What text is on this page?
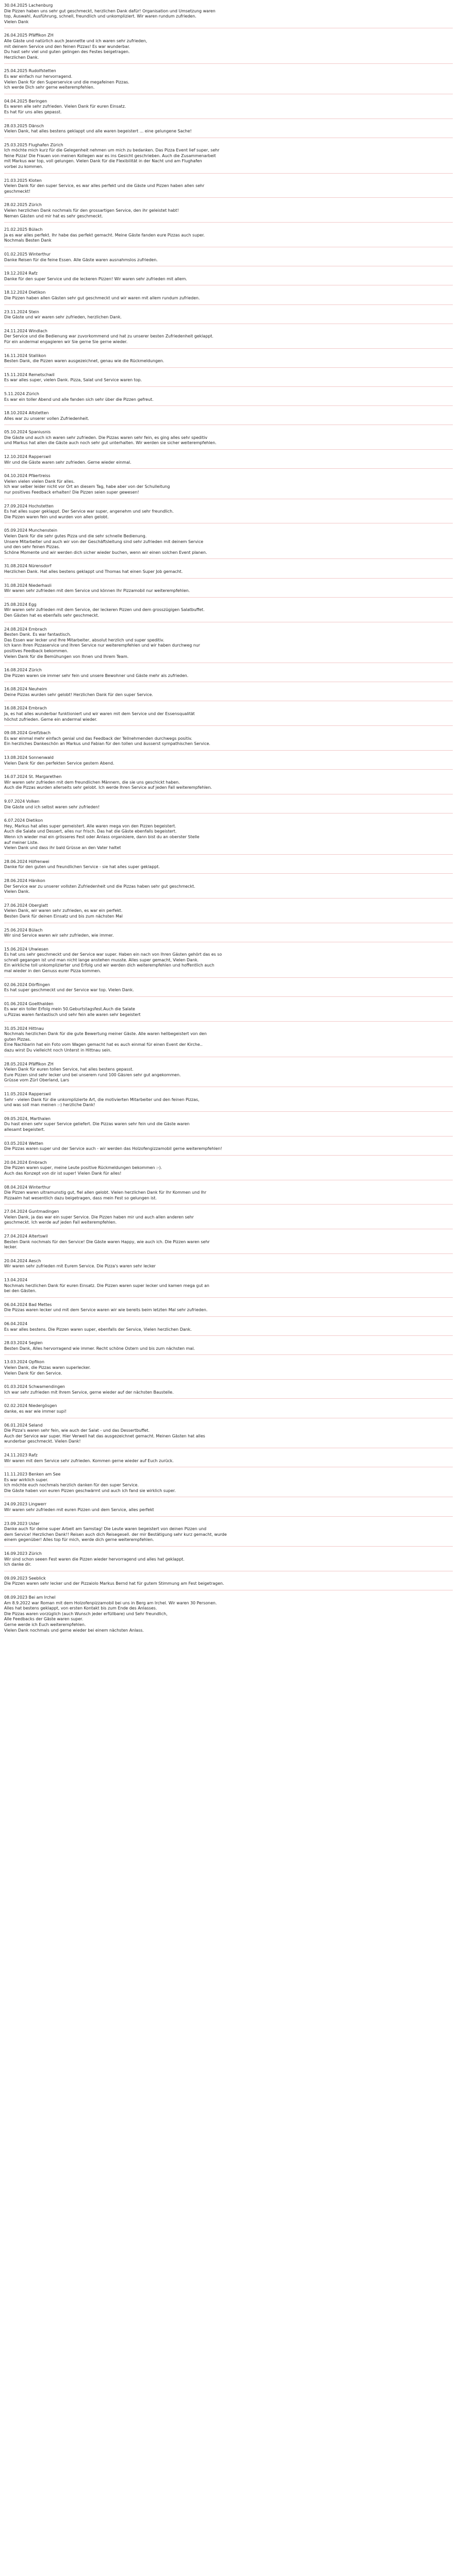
30.04.2025 Lachenburg
Die Pizzen haben uns sehr gut geschmeckt, herzlichen Dank dafür! Organisation und Umsetzung waren
top, Auswahl, Ausführung, schnell, freundlich und unkompliziert. Wir waren rundum zufrieden.
Vielen Dank
26.04.2025 Pfäffikon ZH
Alle Gäste und natürlich auch Jeannette und ich waren sehr zufrieden,
mit deinem Service und den feinen Pizzas! Es war wunderbar.
Du hast sehr viel und guten gelingen des Festes beigetragen.
Herzlichen Dank.
25.04.2025 Rudolfstetten
Es war einfach nur hervorragend.
Vielen Dank für den Superservice und die megafeinen Pizzas.
Ich werde Dich sehr gerne weiterempfehlen.
04.04.2025 Beringen
Es waren alle sehr zufrieden. Vielen Dank für euren Einsatz.
Es hat für uns alles gepasst.
28.03.2025 Dänsch
Vielen Dank, hat alles bestens geklappt und alle waren begeistert ... eine gelungene Sache!
25.03.2025 Flughafen Zürich
Ich möchte mich kurz für die Gelegenheit nehmen um mich zu bedanken. Das Pizza Event lief super, sehr
feine Pizza! Die Frauen von meinen Kollegen war es ins Gesicht geschrieben. Auch die Zusammenarbeit
mit Markus war top, voll gelungen. Vielen Dank für die Flexibilität in der Nacht und am Flughafen
vorbei zu kommen.
21.03.2025 Kloten
Vielen Dank für den super Service, es war alles perfekt und die Gäste und Pizzen haben allen sehr
geschmeckt!
28.02.2025 Zürich
Vielen herzlichen Dank nochmals für den grossartigen Service, den ihr geleistet habt!
Nemen Gästen und mir hat es sehr geschmeckt.
21.02.2025 Bülach
Ja es war alles perfekt. Ihr habe das perfekt gemacht. Meine Gäste fanden eure Pizzas auch super.
Nochmals Besten Dank
01.02.2025 Winterthur
Danke Reisen für die feine Essen. Alle Gäste waren ausnahmslos zufrieden.
19.12.2024 Rafz
Danke für den super Service und die leckeren Pizzen! Wir waren sehr zufrieden mit allem.
18.12.2024 Dietikon
Die Pizzen haben allen Gästen sehr gut geschmeckt und wir waren mit allem rundum zufrieden.
23.11.2024 Stein
Die Gäste und wir waren sehr zufrieden, herzlichen Dank.
24.11.2024 Windlach
Der Service und die Bedienung war zuvorkommend und hat zu unserer besten Zufriedenheit geklappt.
Für ein andermal engagieren wir Sie gerne Sie gerne wieder.
16.11.2024 Stallikon
Besten Dank, die Pizzen waren ausgezeichnet, genau wie die Rückmeldungen.
15.11.2024 Remetschwil
Es war alles super, vielen Dank. Pizza, Salat und Service waren top.
5.11.2024 Zürich
Es war ein toller Abend und alle fanden sich sehr über die Pizzen gefreut.
18.10.2024 Altstetten
Alles war zu unserer vollen Zufriedenheit.
05.10.2024 Spaniusnis
Die Gäste und auch ich waren sehr zufrieden. Die Pizzas waren sehr fein, es ging alles sehr speditiv
und Markus hat allen die Gäste auch noch sehr gut unterhalten. Wir werden sie sicher weiterempfehlen.
12.10.2024 Rapperswil
Wir und die Gäste waren sehr zufrieden. Gerne wieder einmal.
04.10.2024 Pfäertreiss
Vielen vielen vielen Dank für alles.
Ich war selber leider nicht vor Ort an diesem Tag, habe aber von der Schulleitung
nur positives Feedback erhalten! Die Pizzen seien super gewesen!
27.09.2024 Hochstetten
Es hat alles super geklappt. Der Service war super, angenehm und sehr freundlich.
Die Pizzen waren fein und wurden von allen gelobt.
05.09.2024 Munchenstein
Vielen Dank für die sehr gutes Pizza und die sehr schnelle Bedienung.
Unsere Mitarbeiter und auch wir von der Geschäftsleitung sind sehr zufrieden mit deinem Service
und den sehr feinen Pizzas.
Schöne Momente und wir werden dich sicher wieder buchen, wenn wir einen solchen Event planen.
31.08.2024 Nürensdorf
Herzlichen Dank. Hat alles bestens geklappt und Thomas hat einen Super Job gemacht.
31.08.2024 Niederhasli
Wir waren sehr zufrieden mit dem Service und können Ihr Pizzamobil nur weiterempfehlen.
25.08.2024 Egg
Wir waren sehr zufrieden mit dem Service, der leckeren Pizzen und dem grosszügigen Salatbuffet.
Den Gästen hat es ebenfalls sehr geschmeckt.
24.08.2024 Embrach
Besten Dank. Es war fantastisch.
Das Essen war lecker und Ihre Mitarbeiter, absolut herzlich und super speditiv.
Ich kann Ihren Pizzaservice und Ihren Service nur weiterempfehlen und wir haben durchweg nur
positives Feedback bekommen.
Vielen Dank für die Bemühungen von Ihnen und Ihrem Team.
16.08.2024 Zürich
Die Pizzen waren sie immer sehr fein und unsere Bewohner und Gäste mehr als zufrieden.
16.08.2024 Neuheim
Deine Pizzas wurden sehr gelobt! Herzlichen Dank für den super Service.
16.08.2024 Embrach
Ja, es hat alles wunderbar funktioniert und wir waren mit dem Service und der Essensqualität
höchst zufrieden. Gerne ein andermal wieder.
09.08.2024 Greifzbach
Es war einmal mehr einfach genial und das Feedback der Teilnehmenden durchwegs positiv.
Ein herzliches Dankeschön an Markus und Fabian für den tollen und äusserst sympathischen Service.
13.08.2024 Sonnenwald
Vielen Dank für den perfekten Service gestern Abend.
16.07.2024 St. Margarethen
Wir waren sehr zufrieden mit dem freundlichen Männern, die sie uns geschickt haben.
Auch die Pizzas wurden allerseits sehr gelobt. Ich werde Ihren Service auf jeden Fall weiterempfehlen.
9.07.2024 Volken
Die Gäste und ich selbst waren sehr zufrieden!
6.07.2024 Dietikon
Hey, Markus hat alles super gemeistert. Alle waren mega von den Pizzen begeistert.
Auch die Salate und Dessert, alles nur frisch. Das hat die Gäste ebenfalls begeistert.
Wenn ich wieder mal ein grösseres Fest oder Anlass organisiere, dann bist du an oberster Stelle
auf meiner Liste.
Vielen Dank und dass ihr bald Grüsse an den Vater haltet
28.06.2024 Höfrenwei
Danke für den guten und freundlichen Service - sie hat alles super geklappt.
28.06.2024 Hänikon
Der Service war zu unserer vollsten Zufriedenheit und die Pizzas haben sehr gut geschmeckt.
Vielen Dank.
27.06.2024 Oberglatt
Vielen Dank, wir waren sehr zufrieden, es war ein perfekt.
Besten Dank für deinen Einsatz und bis zum nächsten Mal
25.06.2024 Bülach
Wir sind Service waren wir sehr zufrieden, wie immer.
15.06.2024 Uhwiesen
Es hat uns sehr geschmeckt und der Service war super. Haben ein nach von Ihren Gästen gehört das es so
schnell gegangen ist und man nicht lange anstehen musste. Alles super gemacht, Vielen Dank.
Ein wirkliche toll unkomplizierter und Erfolg und wir werden dich weiterempfehlen und hoffentlich auch
mal wieder in den Genuss eurer Pizza kommen.
02.06.2024 Dörflingen
Es hat super geschmeckt und der Service war top. Vielen Dank.
01.06.2024 Goelthalden
Es war ein toller Erfolg mein 50.Geburtstagsfest.Auch die Salate
u.Pizzas waren fantastisch und sehr fein alle waren sehr begeistert
31.05.2024 Hittnau
Nochmals herzlichen Dank für die gute Bewertung meiner Gäste. Alle waren hellbegeistert von den
guten Pizzas.
Eine Nachbarin hat ein Foto vom Wagen gemacht hat es auch einmal für einen Event der Kirche..
dazu wirst Du vielleicht noch Unterst in Hittnau sein.
28.05.2024 Pfäffikon ZH
Vielen Dank für euren tollen Service, hat alles bestens gepasst.
Eure Pizzen sind sehr lecker und bei unserem rund 100 Gäsren sehr gut angekommen.
Grüsse vom Zürl Oberland, Lars
11.05.2024 Rapperswil
Sehr - vielen Dank für die unkomplizierte Art, die motivierten Mitarbeiter und den feinen Pizzas,
und was soll man meinen :-) herzliche Dank!
09.05.2024, Marthalen
Du hast einen sehr super Service geliefert. Die Pizzas waren sehr fein und die Gäste waren
allesamt begeistert.
03.05.2024 Wetten
Die Pizzas waren super und der Service auch - wir werden das Holzofengizzamobil gerne weiterempfehlen!
20.04.2024 Embrach
Die Pizzen waren super, meine Leute positive Rückmeldungen bekommen :-).
Auch das Konzept von dir ist super! Vielen Dank für alles!
08.04.2024 Winterthur
Die Pizzen waren ultramunstig gut, fiel allen gelobt. Vielen herzlichen Dank für Ihr Kommen und Ihr
Pizzaalm hat wesentlich dazu beigetragen, dass mein Fest so gelungen ist.
27.04.2024 Guntmadingen
Vielen Dank, ja das war ein super Service. Die Pizzen haben mir und auch allen anderen sehr
geschmeckt. Ich werde auf jeden Fall weiterempfehlen.
27.04.2024 Altertswil
Besten Dank nochmals für den Service! Die Gäste waren Happy, wie auch ich. Die Pizzen waren sehr
lecker.
20.04.2024 Aesch
Wir waren sehr zufrieden mit Eurem Service. Die Pizza's waren sehr lecker
13.04.2024
Nochmals herzlichen Dank für euren Einsatz. Die Pizzen waren super lecker und kamen mega gut an
bei den Gästen.
06.04.2024 Bad Mettes
Die Pizzas waren lecker und mit dem Service waren wir wie bereits beim letzten Mal sehr zufrieden.
06.04.2024
Es war alles bestens. Die Pizzen waren super, ebenfalls der Service, Vielen herzlichen Dank.
28.03.2024 Seglen
Besten Dank, Alles hervorragend wie immer. Recht schöne Ostern und bis zum nächsten mal.
13.03.2024 Opfikon
Vielen Dank, die Pizzas waren superlecker.
Vielen Dank für den Service.
01.03.2024 Schwamendingen
Ich war sehr zufrieden mit Ihrem Service, gerne wieder auf der nächsten Baustelle.
02.02.2024 Niedergösgen
danke, es war wie immer supi!
06.01.2024 Seland
Die Pizza's waren sehr fein, wie auch der Salat - und das Dessertbuffet.
Auch der Service war super. Hier Verwell hat das ausgezeichnet gemacht. Meinen Gästen hat alles
wunderbar geschmeckt. Vielen Dank!
24.11.2023 Rafz
Wir waren mit dem Service sehr zufrieden. Kommen gerne wieder auf Euch zurück.
11.11.2023 Benken am See
Es war wirklich super.
Ich möchte euch nochmals herzlich danken für den super Service.
Die Gäste haben von euren Pizzen geschwärmt und auch ich fand sie wirklich super.
24.09.2023 Lingwerr
Wir waren sehr zufrieden mit euren Pizzen und dem Service, alles perfekt
23.09.2023 Uster
Danke auch für deine super Arbeit am Samstag! Die Leute waren begeistert von deinen Pizzen und
dem Service! Herzlichen Dank!! Reisen auch dich Reisegesell. der mir Bestätigung sehr kurz gemacht, wurde
einem gegenüber! Alles top für mich, werde dich gerne weiterempfehlen.
16.09.2023 Zürich
Wir sind schon seeen Fest waren die Pizzen wieder hervorragend und alles hat geklappt.
Ich danke dir.
09.09.2023 Seeblick
Die Pizzen waren sehr lecker und der Pizzaiolo Markus Bernd hat für gutem Stimmung am Fest beigetragen.
08.09.2023 Bei am Irchel
Am 8.9.2022 war Roman mit dem Holzofenpizzamobil bei uns in Berg am Irchel. Wir waren 30 Personen.
Alles hat bestens geklappt, von ersten Kontakt bis zum Ende des Anlasses.
Die Pizzas waren vorzüglich (auch Wunsch jeder erfüllbare) und Sehr freundlich,
Alle Feedbacks der Gäste waren super.
Gerne werde ich Euch weiterempfehlen.
Vielen Dank nochmals und gerne wieder bei einem nächsten Anlass.
